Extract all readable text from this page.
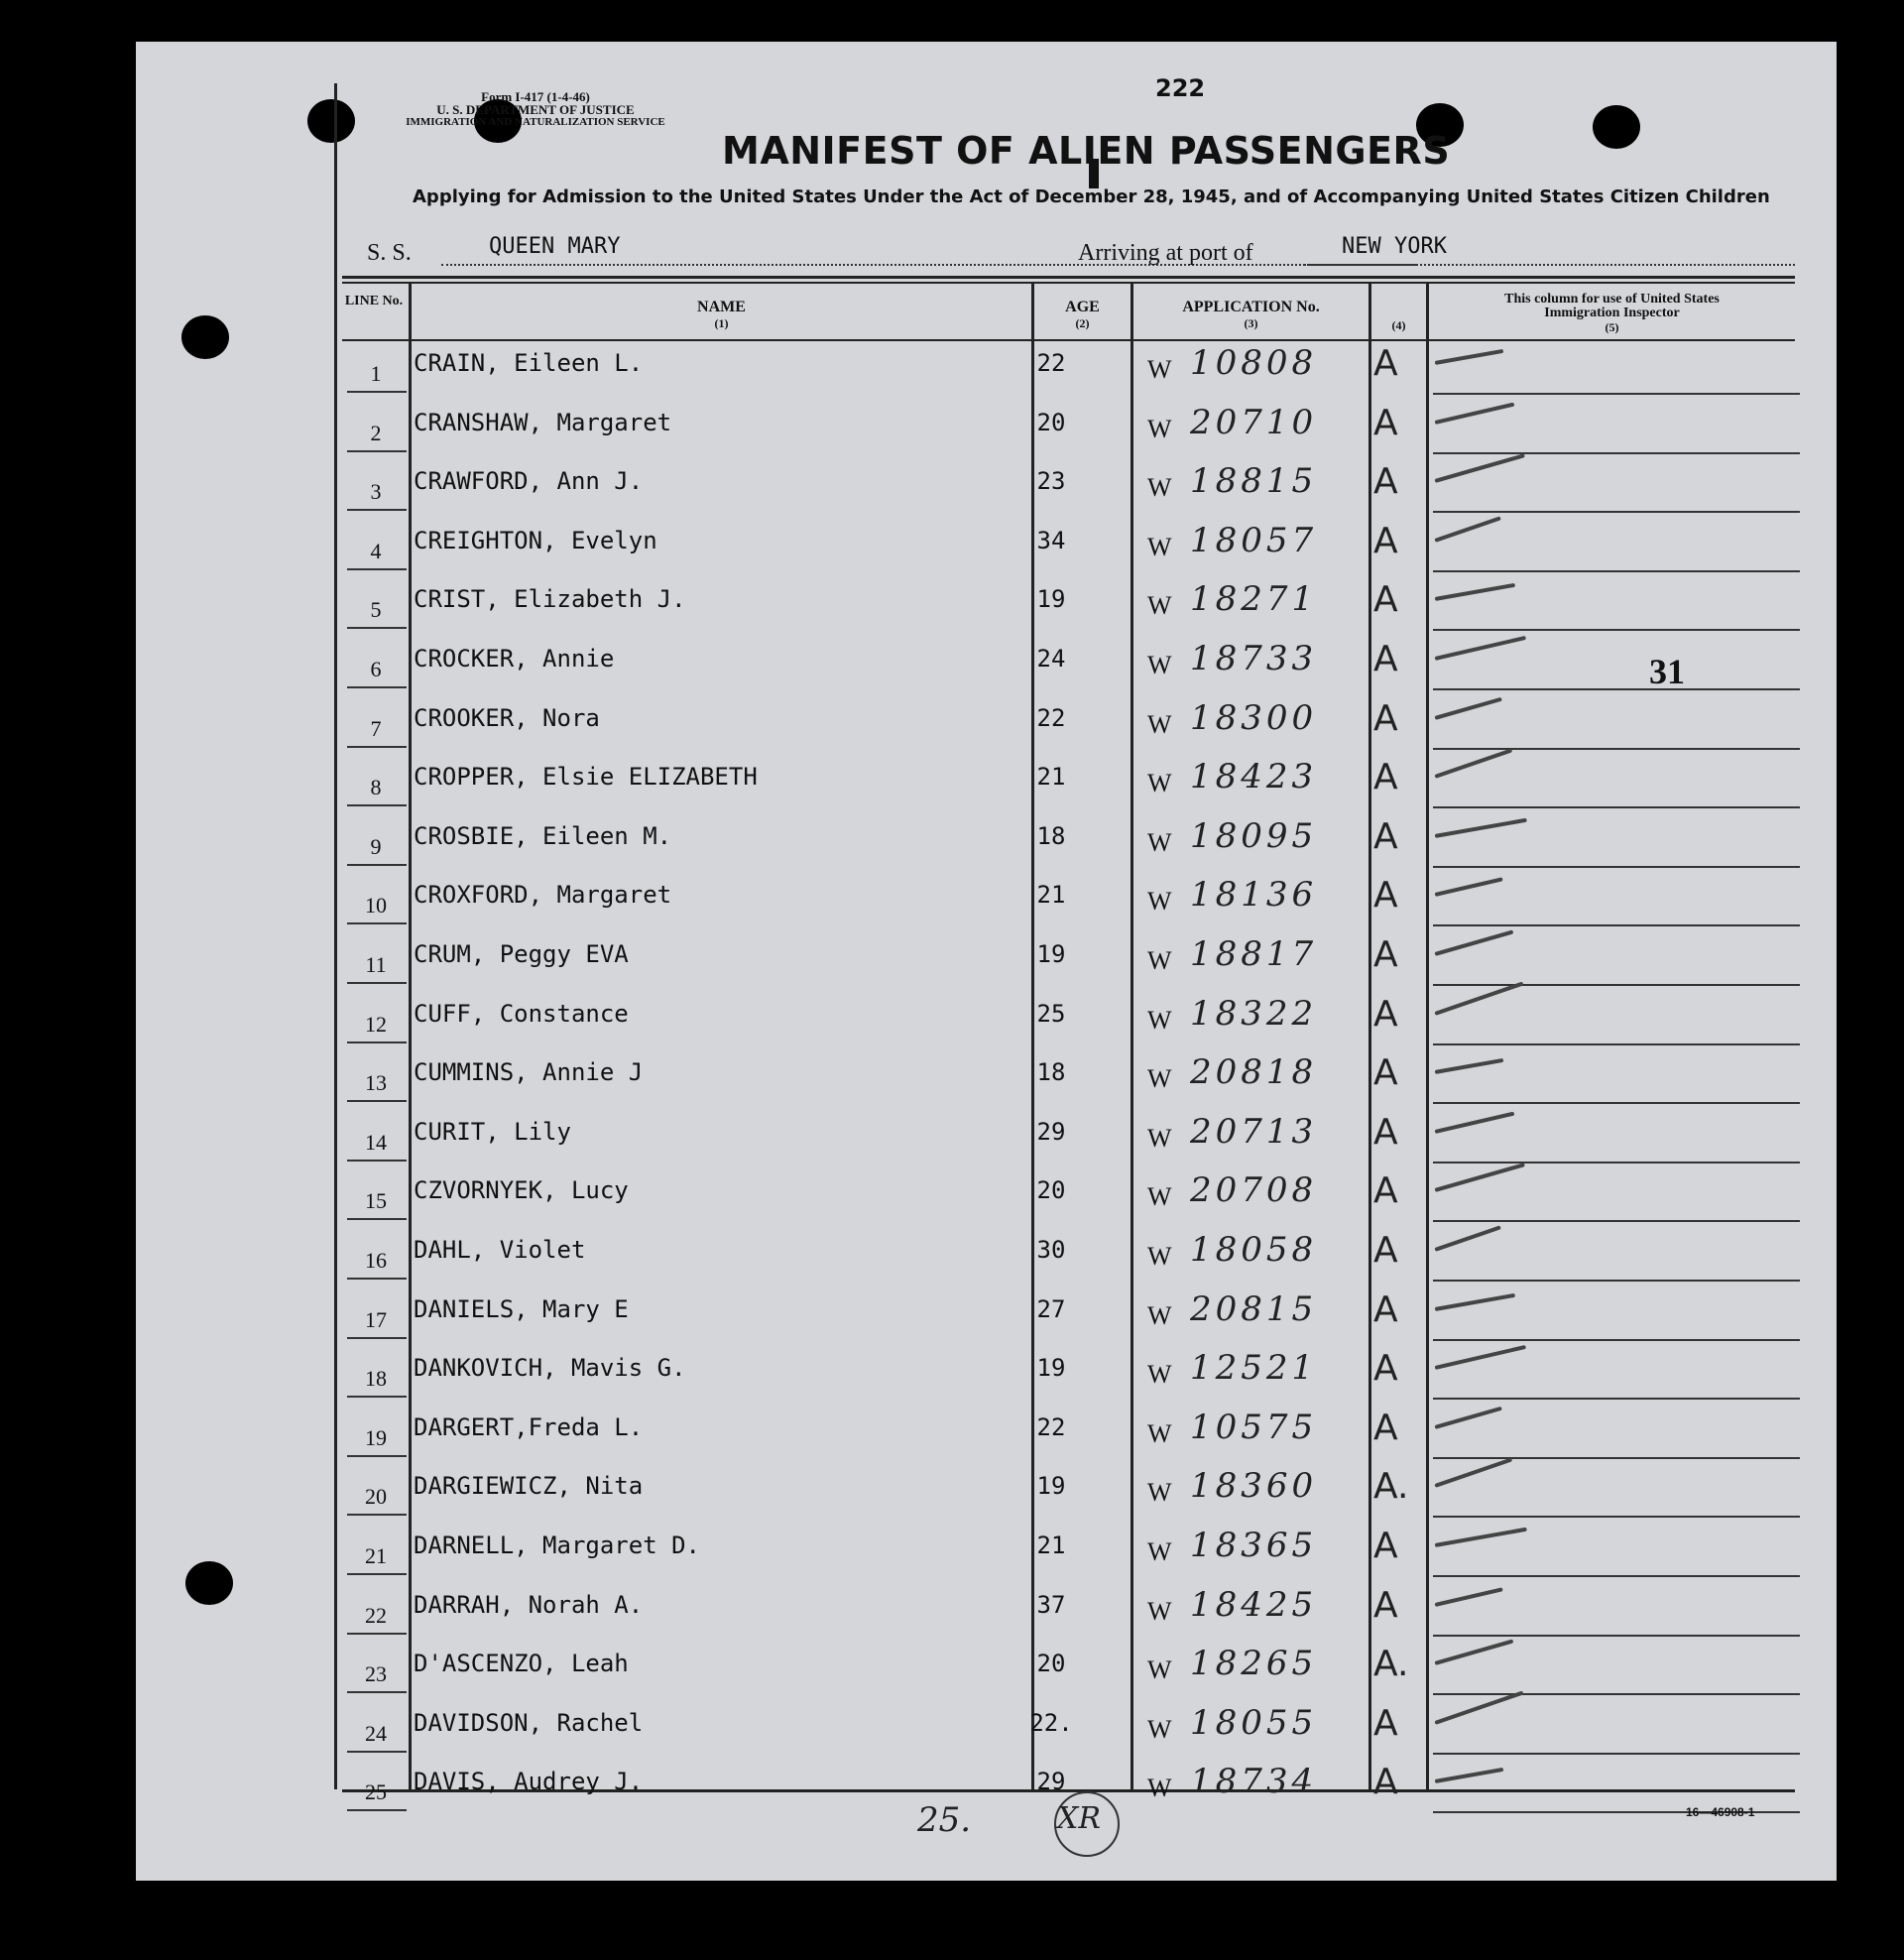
222
Form I-417 (1-4-46)
U. S. DEPARTMENT OF JUSTICE
IMMIGRATION AND NATURALIZATION SERVICE
MANIFEST OF ALIEN PASSENGERS
Applying for Admission to the United States Under the Act of December 28, 1945, and of Accompanying United States Citizen Children
S. S.	QUEEN MARY	Arriving at port of	NEW YORK
LINE No.	NAME
(1)
AGE
(2)
APPLICATION No.
(3)	(4)
This column for use of United States Immigration Inspector
(5)
1	CRAIN, Eileen L.	22	W 10808 A
2	CRANSHAW, Margaret	20	W 20710 A
3	CRAWFORD, Ann J.	23	W 18815 A
4	CREIGHTON, Evelyn	34	W 18057 A
5	CRIST, Elizabeth J.	19	W 18271 A
6	CROCKER, Annie	24	W 18733 A
7	CROOKER, Nora	22	W 18300 A
8	CROPPER, Elsie ELIZABETH	21	W 18423 A
9	CROSBIE, Eileen M.	18	W 18095 A
10	CROXFORD, Margaret	21	W 18136 A
11	CRUM, Peggy EVA	19	W 18817 A
12	CUFF, Constance	25	W 18322 A
13	CUMMINS, Annie J	18	W 20818 A
14	CURIT, Lily	29	W 20713 A
15	CZVORNYEK, Lucy	20	W 20708 A
16	DAHL, Violet	30	W 18058 A
17	DANIELS, Mary E	27	W 20815 A
18	DANKOVICH, Mavis G.	19	W 12521 A
19	DARGERT,Freda L.	22	W 10575 A
20	DARGIEWICZ, Nita	19	W 18360 A.
21	DARNELL, Margaret D.	21	W 18365 A
22	DARRAH, Norah A.	37	W 18425 A
23	D'ASCENZO, Leah	20	W 18265 A.
24	DAVIDSON, Rachel	22.	W 18055 A
25	DAVIS, Audrey J.	29	W 18734 A
31
25.	XR	16—46908-1
